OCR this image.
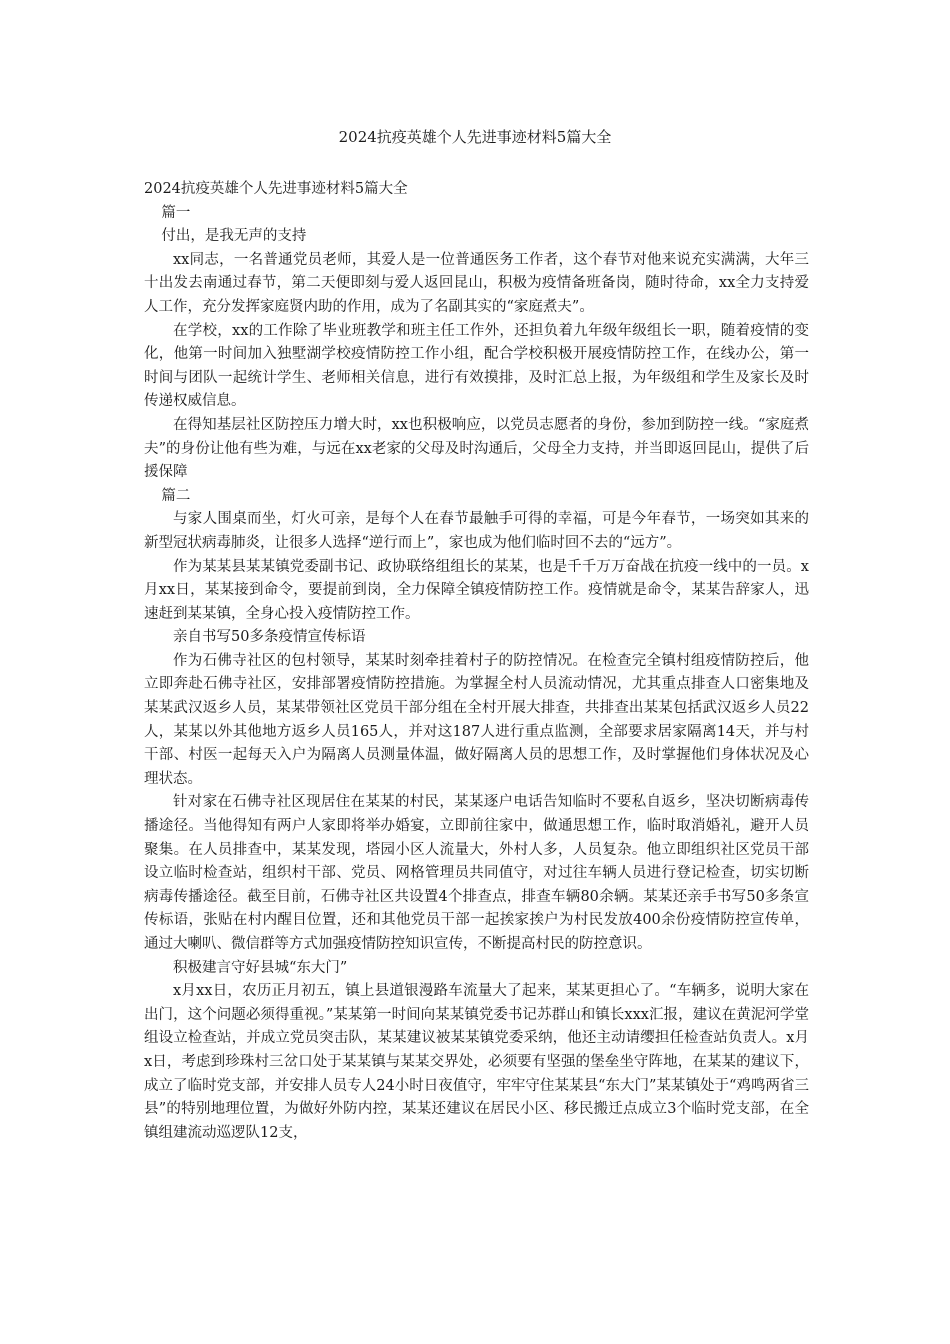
2024抗疫英雄个人先进事迹材料5篇大全

2024抗疫英雄个人先进事迹材料5篇大全

篇一

付出，是我无声的支持

xx同志，一名普通党员老师，其爱人是一位普通医务工作者，这个春节对他来说充实满满，大年三十出发去南通过春节，第二天便即刻与爱人返回昆山，积极为疫情备班备岗，随时待命，xx全力支持爱人工作，充分发挥家庭贤内助的作用，成为了名副其实的“家庭煮夫”。

在学校，xx的工作除了毕业班教学和班主任工作外，还担负着九年级年级组长一职，随着疫情的变化，他第一时间加入独墅湖学校疫情防控工作小组，配合学校积极开展疫情防控工作，在线办公，第一时间与团队一起统计学生、老师相关信息，进行有效摸排，及时汇总上报，为年级组和学生及家长及时传递权威信息。

在得知基层社区防控压力增大时，xx也积极响应，以党员志愿者的身份，参加到防控一线。“家庭煮夫”的身份让他有些为难，与远在xx老家的父母及时沟通后，父母全力支持，并当即返回昆山，提供了后援保障

篇二

与家人围桌而坐，灯火可亲，是每个人在春节最触手可得的幸福，可是今年春节，一场突如其来的新型冠状病毒肺炎，让很多人选择“逆行而上”，家也成为他们临时回不去的“远方”。

作为某某县某某镇党委副书记、政协联络组组长的某某，也是千千万万奋战在抗疫一线中的一员。x月xx日，某某接到命令，要提前到岗，全力保障全镇疫情防控工作。疫情就是命令，某某告辞家人，迅速赶到某某镇，全身心投入疫情防控工作。

亲自书写50多条疫情宣传标语

作为石佛寺社区的包村领导，某某时刻牵挂着村子的防控情况。在检查完全镇村组疫情防控后，他立即奔赴石佛寺社区，安排部署疫情防控措施。为掌握全村人员流动情况，尤其重点排查人口密集地及某某武汉返乡人员，某某带领社区党员干部分组在全村开展大排查，共排查出某某包括武汉返乡人员22人，某某以外其他地方返乡人员165人，并对这187人进行重点监测，全部要求居家隔离14天，并与村干部、村医一起每天入户为隔离人员测量体温，做好隔离人员的思想工作，及时掌握他们身体状况及心理状态。

针对家在石佛寺社区现居住在某某的村民，某某逐户电话告知临时不要私自返乡，坚决切断病毒传播途径。当他得知有两户人家即将举办婚宴，立即前往家中，做通思想工作，临时取消婚礼，避开人员聚集。在人员排查中，某某发现，塔园小区人流量大，外村人多，人员复杂。他立即组织社区党员干部设立临时检查站，组织村干部、党员、网格管理员共同值守，对过往车辆人员进行登记检查，切实切断病毒传播途径。截至目前，石佛寺社区共设置4个排查点，排查车辆80余辆。某某还亲手书写50多条宣传标语，张贴在村内醒目位置，还和其他党员干部一起挨家挨户为村民发放400余份疫情防控宣传单，通过大喇叭、微信群等方式加强疫情防控知识宣传，不断提高村民的防控意识。

积极建言守好县城“东大门”

x月xx日，农历正月初五，镇上县道银漫路车流量大了起来，某某更担心了。“车辆多，说明大家在出门，这个问题必须得重视。”某某第一时间向某某镇党委书记苏群山和镇长xxx汇报，建议在黄泥河学堂组设立检查站，并成立党员突击队，某某建议被某某镇党委采纳，他还主动请缨担任检查站负责人。x月x日，考虑到珍珠村三岔口处于某某镇与某某交界处，必须要有坚强的堡垒坐守阵地，在某某的建议下，成立了临时党支部，并安排人员专人24小时日夜值守，牢牢守住某某县“东大门”某某镇处于“鸡鸣两省三县”的特别地理位置，为做好外防内控，某某还建议在居民小区、移民搬迁点成立3个临时党支部，在全镇组建流动巡逻队12支，
